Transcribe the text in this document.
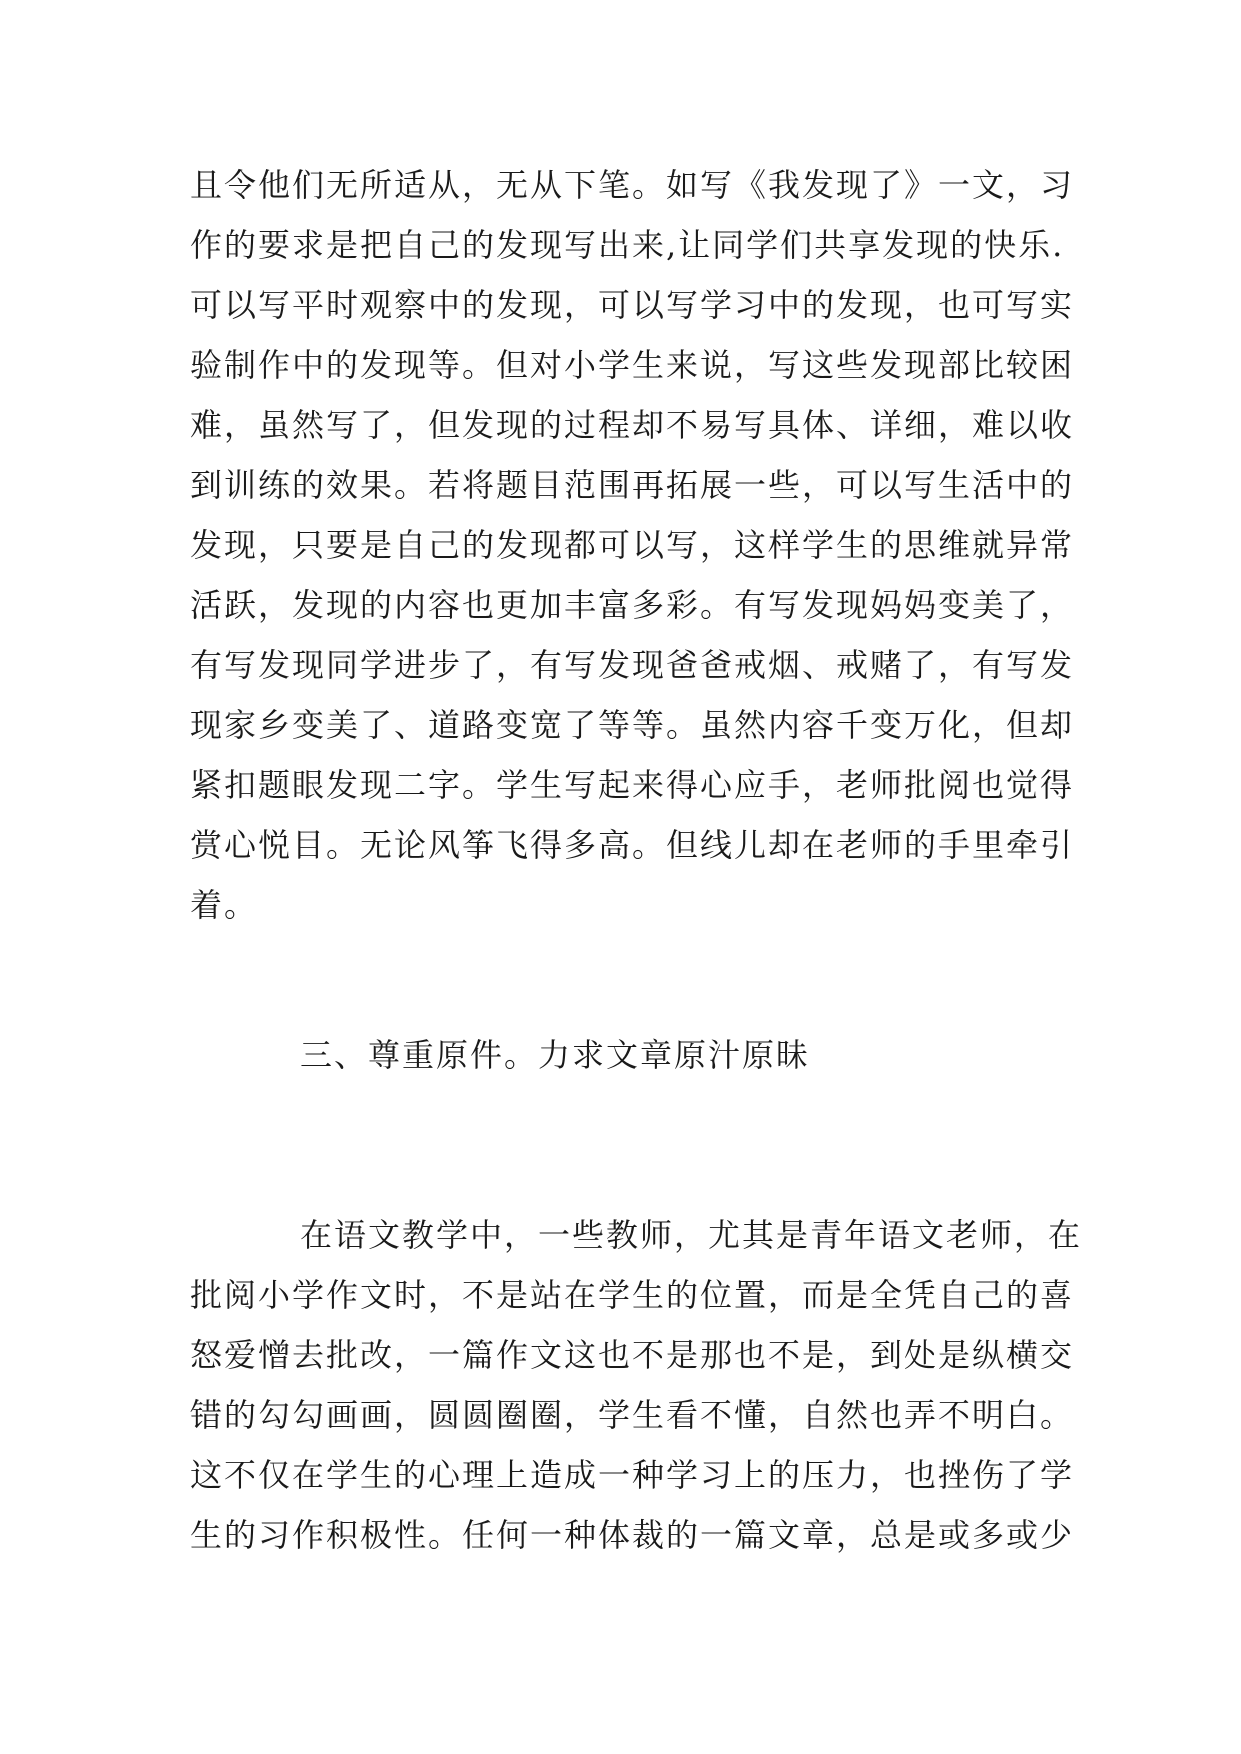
且令他们无所适从，无从下笔。如写《我发现了》一文，习
作的要求是把自己的发现写出来,让同学们共享发现的快乐.
可以写平时观察中的发现，可以写学习中的发现，也可写实
验制作中的发现等。但对小学生来说，写这些发现部比较困
难，虽然写了，但发现的过程却不易写具体、详细，难以收
到训练的效果。若将题目范围再拓展一些，可以写生活中的
发现，只要是自己的发现都可以写，这样学生的思维就异常
活跃，发现的内容也更加丰富多彩。有写发现妈妈变美了，
有写发现同学进步了，有写发现爸爸戒烟、戒赌了，有写发
现家乡变美了、道路变宽了等等。虽然内容千变万化，但却
紧扣题眼发现二字。学生写起来得心应手，老师批阅也觉得
赏心悦目。无论风筝飞得多高。但线儿却在老师的手里牵引
着。
三、尊重原件。力求文章原汁原昧
在语文教学中，一些教师，尤其是青年语文老师，在
批阅小学作文时，不是站在学生的位置，而是全凭自己的喜
怒爱憎去批改，一篇作文这也不是那也不是，到处是纵横交
错的勾勾画画，圆圆圈圈，学生看不懂，自然也弄不明白。
这不仅在学生的心理上造成一种学习上的压力，也挫伤了学
生的习作积极性。任何一种体裁的一篇文章，总是或多或少
